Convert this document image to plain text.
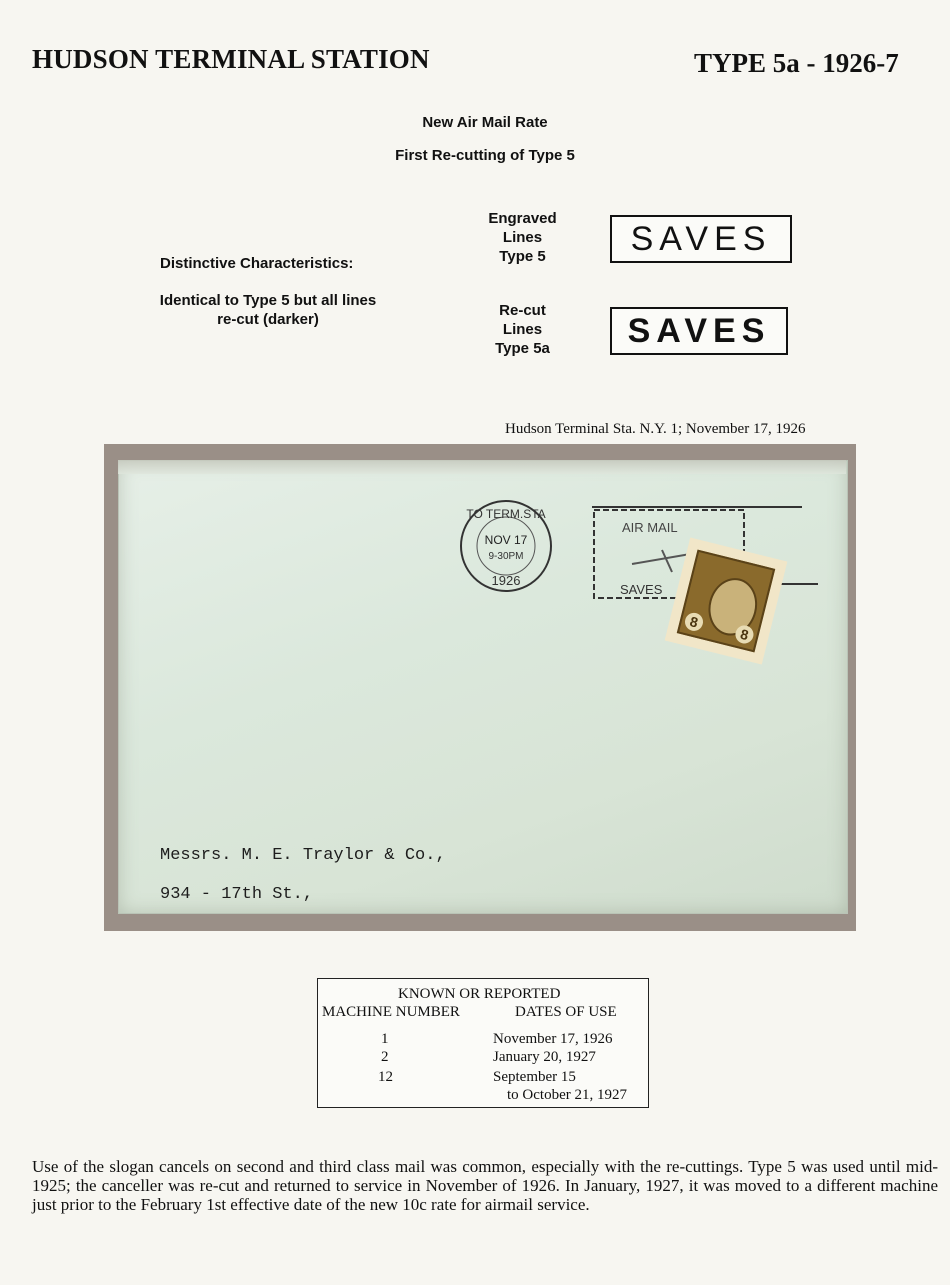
HUDSON TERMINAL STATION	TYPE 5a - 1926-7
New Air Mail Rate
First Re-cutting of Type 5
Distinctive Characteristics:
Identical to Type 5 but all lines
re-cut (darker)
Engraved
Lines
Type 5	SAVES
Re-cut
Lines
Type 5a	SAVES
Hudson Terminal Sta. N.Y. 1; November 17, 1926
TO TERM.STA
NOV 17
9-30PM
1926
AIR MAIL
SAVES
8
8
Messrs. M. E. Traylor & Co.,
934 - 17th St.,
KNOWN OR REPORTED
MACHINE NUMBER	DATES OF USE
1	November 17, 1926
2	January 20, 1927
12	September 15
to October 21, 1927
Use of the slogan cancels on second and third class mail was common, especially with the re-cuttings. Type 5 was used until mid-1925; the canceller was re-cut and returned to service in November of 1926. In January, 1927, it was moved to a different machine just prior to the February 1st effective date of the new 10c rate for airmail service.
